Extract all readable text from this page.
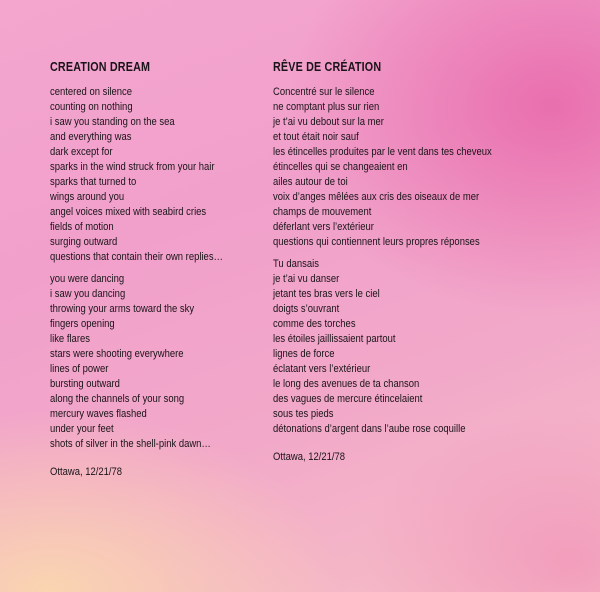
CREATION DREAM
centered on silence
counting on nothing
i saw you standing on the sea
and everything was
dark except for
sparks in the wind struck from your hair
sparks that turned to
wings around you
angel voices mixed with seabird cries
fields of motion
surging outward
questions that contain their own replies…
you were dancing
i saw you dancing
throwing your arms toward the sky
fingers opening
like flares
stars were shooting everywhere
lines of power
bursting outward
along the channels of your song
mercury waves flashed
under your feet
shots of silver in the shell-pink dawn…
Ottawa, 12/21/78
RÊVE DE CRÉATION
Concentré sur le silence
ne comptant plus sur rien
je t’ai vu debout sur la mer
et tout était noir sauf
les étincelles produites par le vent dans tes cheveux
étincelles qui se changeaient en
ailes autour de toi
voix d’anges mêlées aux cris des oiseaux de mer
champs de mouvement
déferlant vers l’extérieur
questions qui contiennent leurs propres réponses
Tu dansais
je t’ai vu danser
jetant tes bras vers le ciel
doigts s’ouvrant
comme des torches
les étoiles jaillissaient partout
lignes de force
éclatant vers l’extérieur
le long des avenues de ta chanson
des vagues de mercure étincelaient
sous tes pieds
détonations d’argent dans l’aube rose coquille
Ottawa, 12/21/78
